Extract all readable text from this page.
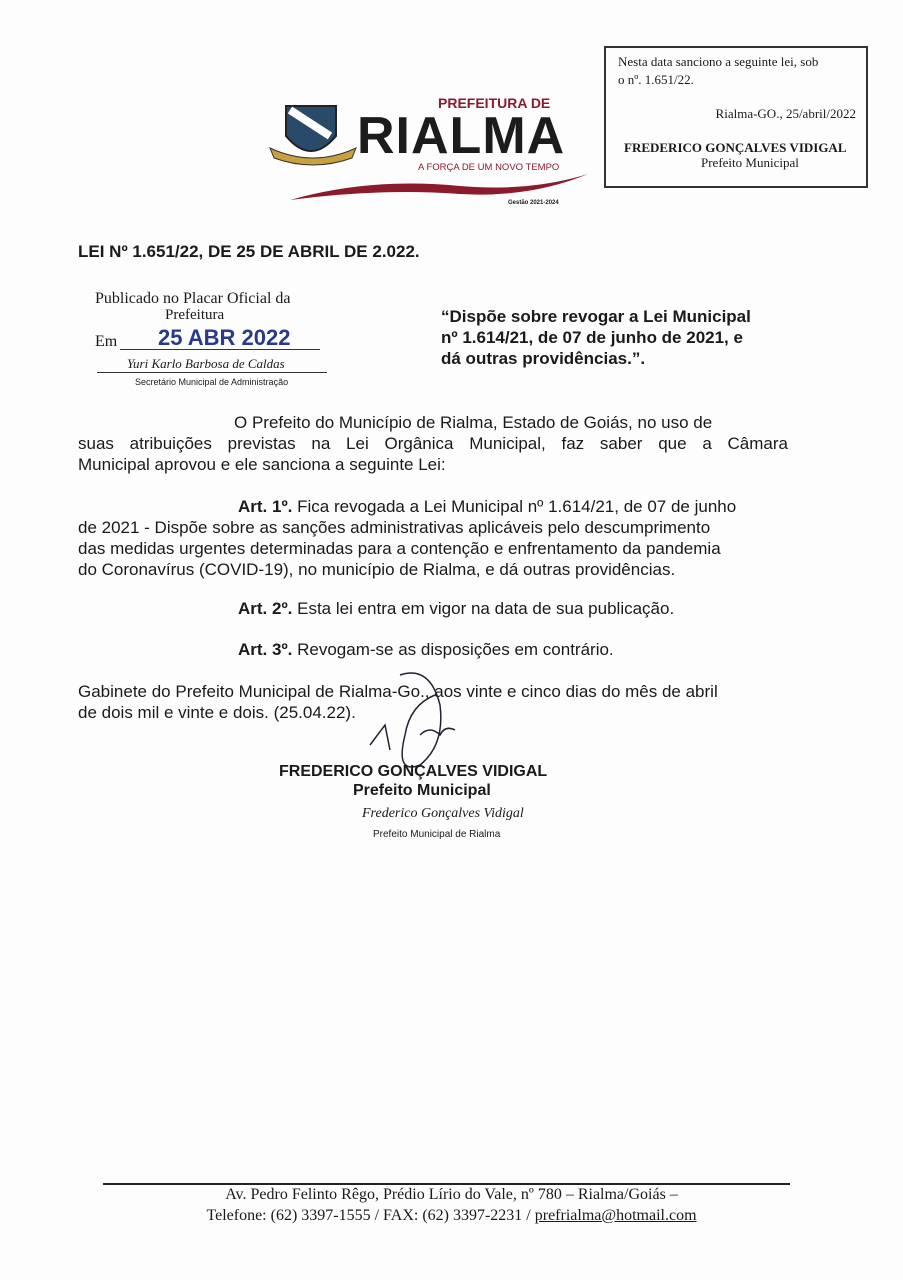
PREFEITURA DE
RIALMA
A FORÇA DE UM NOVO TEMPO
Gestão 2021-2024
Nesta data sanciono a seguinte lei, sob
o nº. 1.651/22.
Rialma-GO., 25/abril/2022
FREDERICO GONÇALVES VIDIGAL
Prefeito Municipal
LEI Nº 1.651/22, DE 25 DE ABRIL DE 2.022.
Publicado no Placar Oficial da
Prefeitura
Em 25 ABR 2022
Yuri Karlo Barbosa de Caldas
Secretário Municipal de Administração
“Dispõe sobre revogar a Lei Municipal
nº 1.614/21, de 07 de junho de 2021, e
dá outras providências.”.
O Prefeito do Município de Rialma, Estado de Goiás, no uso de
suas atribuições previstas na Lei Orgânica Municipal, faz saber que a Câmara
Municipal aprovou e ele sanciona a seguinte Lei:
Art. 1º. Fica revogada a Lei Municipal nº 1.614/21, de 07 de junho
de 2021 - Dispõe sobre as sanções administrativas aplicáveis pelo descumprimento
das medidas urgentes determinadas para a contenção e enfrentamento da pandemia
do Coronavírus (COVID-19), no município de Rialma, e dá outras providências.
Art. 2º. Esta lei entra em vigor na data de sua publicação.
Art. 3º. Revogam-se as disposições em contrário.
Gabinete do Prefeito Municipal de Rialma-Go., aos vinte e cinco dias do mês de abril
de dois mil e vinte e dois. (25.04.22).
FREDERICO GONÇALVES VIDIGAL
Prefeito Municipal
Frederico Gonçalves Vidigal
Prefeito Municipal de Rialma
Av. Pedro Felinto Rêgo, Prédio Lírio do Vale, nº 780 – Rialma/Goiás –
Telefone: (62) 3397-1555 / FAX: (62) 3397-2231 / prefrialma@hotmail.com
